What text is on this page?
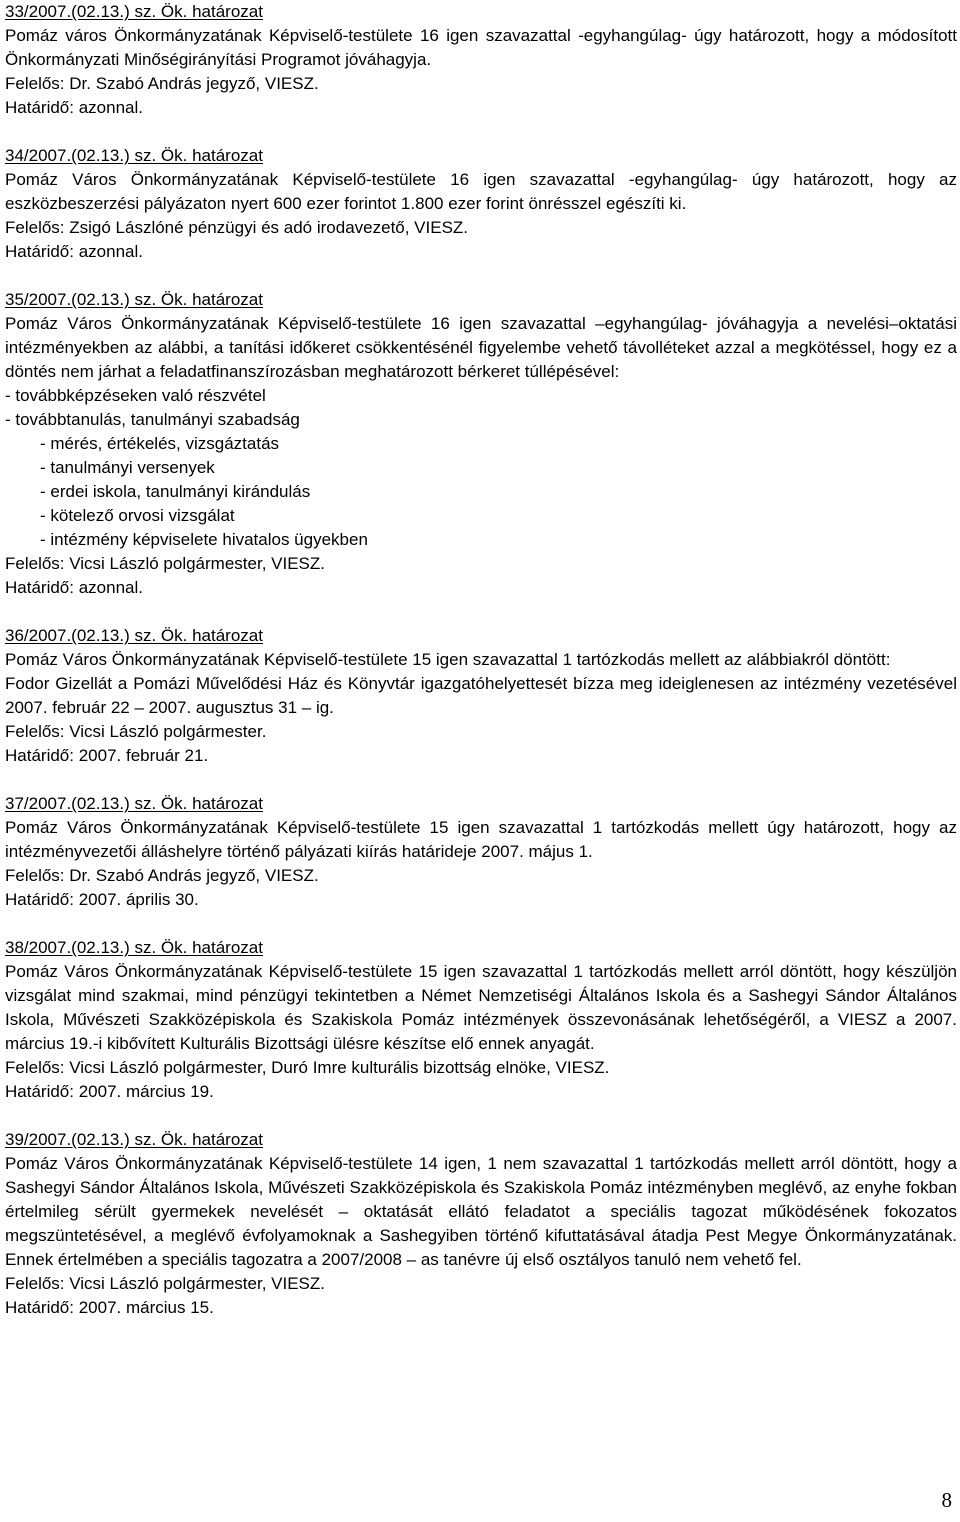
33/2007.(02.13.) sz. Ök. határozat
Pomáz város Önkormányzatának Képviselő-testülete 16 igen szavazattal -egyhangúlag- úgy határozott, hogy a módosított Önkormányzati Minőségirányítási Programot jóváhagyja.
Felelős: Dr. Szabó András jegyző, VIESZ.
Határidő: azonnal.
34/2007.(02.13.) sz. Ök. határozat
Pomáz Város Önkormányzatának Képviselő-testülete 16 igen szavazattal -egyhangúlag- úgy határozott, hogy az eszközbeszerzési pályázaton nyert 600 ezer forintot 1.800 ezer forint önrésszel egészíti ki.
Felelős: Zsigó Lászlóné pénzügyi és adó irodavezető, VIESZ.
Határidő: azonnal.
35/2007.(02.13.) sz. Ök. határozat
Pomáz Város Önkormányzatának Képviselő-testülete 16 igen szavazattal –egyhangúlag- jóváhagyja a nevelési–oktatási intézményekben az alábbi, a tanítási időkeret csökkentésénél figyelembe vehető távolléteket azzal a megkötéssel, hogy ez a döntés nem járhat a feladatfinanszírozásban meghatározott bérkeret túllépésével:
- továbbképzéseken való részvétel
- továbbtanulás, tanulmányi szabadság
- mérés, értékelés, vizsgáztatás
- tanulmányi versenyek
- erdei iskola, tanulmányi kirándulás
- kötelező orvosi vizsgálat
- intézmény képviselete hivatalos ügyekben
Felelős: Vicsi László polgármester, VIESZ.
Határidő: azonnal.
36/2007.(02.13.) sz. Ök. határozat
Pomáz Város Önkormányzatának Képviselő-testülete 15 igen szavazattal 1 tartózkodás mellett az alábbiakról döntött:
Fodor Gizellát a Pomázi Művelődési Ház és Könyvtár igazgatóhelyettesét bízza meg ideiglenesen az intézmény vezetésével 2007. február 22 – 2007. augusztus 31 – ig.
Felelős: Vicsi László polgármester.
Határidő: 2007. február 21.
37/2007.(02.13.) sz. Ök. határozat
Pomáz Város Önkormányzatának Képviselő-testülete 15 igen szavazattal 1 tartózkodás mellett úgy határozott, hogy az intézményvezetői álláshelyre történő pályázati kiírás határideje 2007. május 1.
Felelős: Dr. Szabó András jegyző, VIESZ.
Határidő: 2007. április 30.
38/2007.(02.13.) sz. Ök. határozat
Pomáz Város Önkormányzatának Képviselő-testülete 15 igen szavazattal 1 tartózkodás mellett arról döntött, hogy készüljön vizsgálat mind szakmai, mind pénzügyi tekintetben a Német Nemzetiségi Általános Iskola és a Sashegyi Sándor Általános Iskola, Művészeti Szakközépiskola és Szakiskola Pomáz intézmények összevonásának lehetőségéről, a VIESZ a 2007. március 19.-i kibővített Kulturális Bizottsági ülésre készítse elő ennek anyagát.
Felelős: Vicsi László polgármester, Duró Imre kulturális bizottság elnöke, VIESZ.
Határidő: 2007. március 19.
39/2007.(02.13.) sz. Ök. határozat
Pomáz Város Önkormányzatának Képviselő-testülete 14 igen, 1 nem szavazattal 1 tartózkodás mellett arról döntött, hogy a Sashegyi Sándor Általános Iskola, Művészeti Szakközépiskola és Szakiskola Pomáz intézményben meglévő, az enyhe fokban értelmileg sérült gyermekek nevelését – oktatását ellátó feladatot a speciális tagozat működésének fokozatos megszüntetésével, a meglévő évfolyamoknak a Sashegyiben történő kifuttatásával átadja Pest Megye Önkormányzatának. Ennek értelmében a speciális tagozatra a 2007/2008 – as tanévre új első osztályos tanuló nem vehető fel.
Felelős: Vicsi László polgármester, VIESZ.
Határidő: 2007. március 15.
8
